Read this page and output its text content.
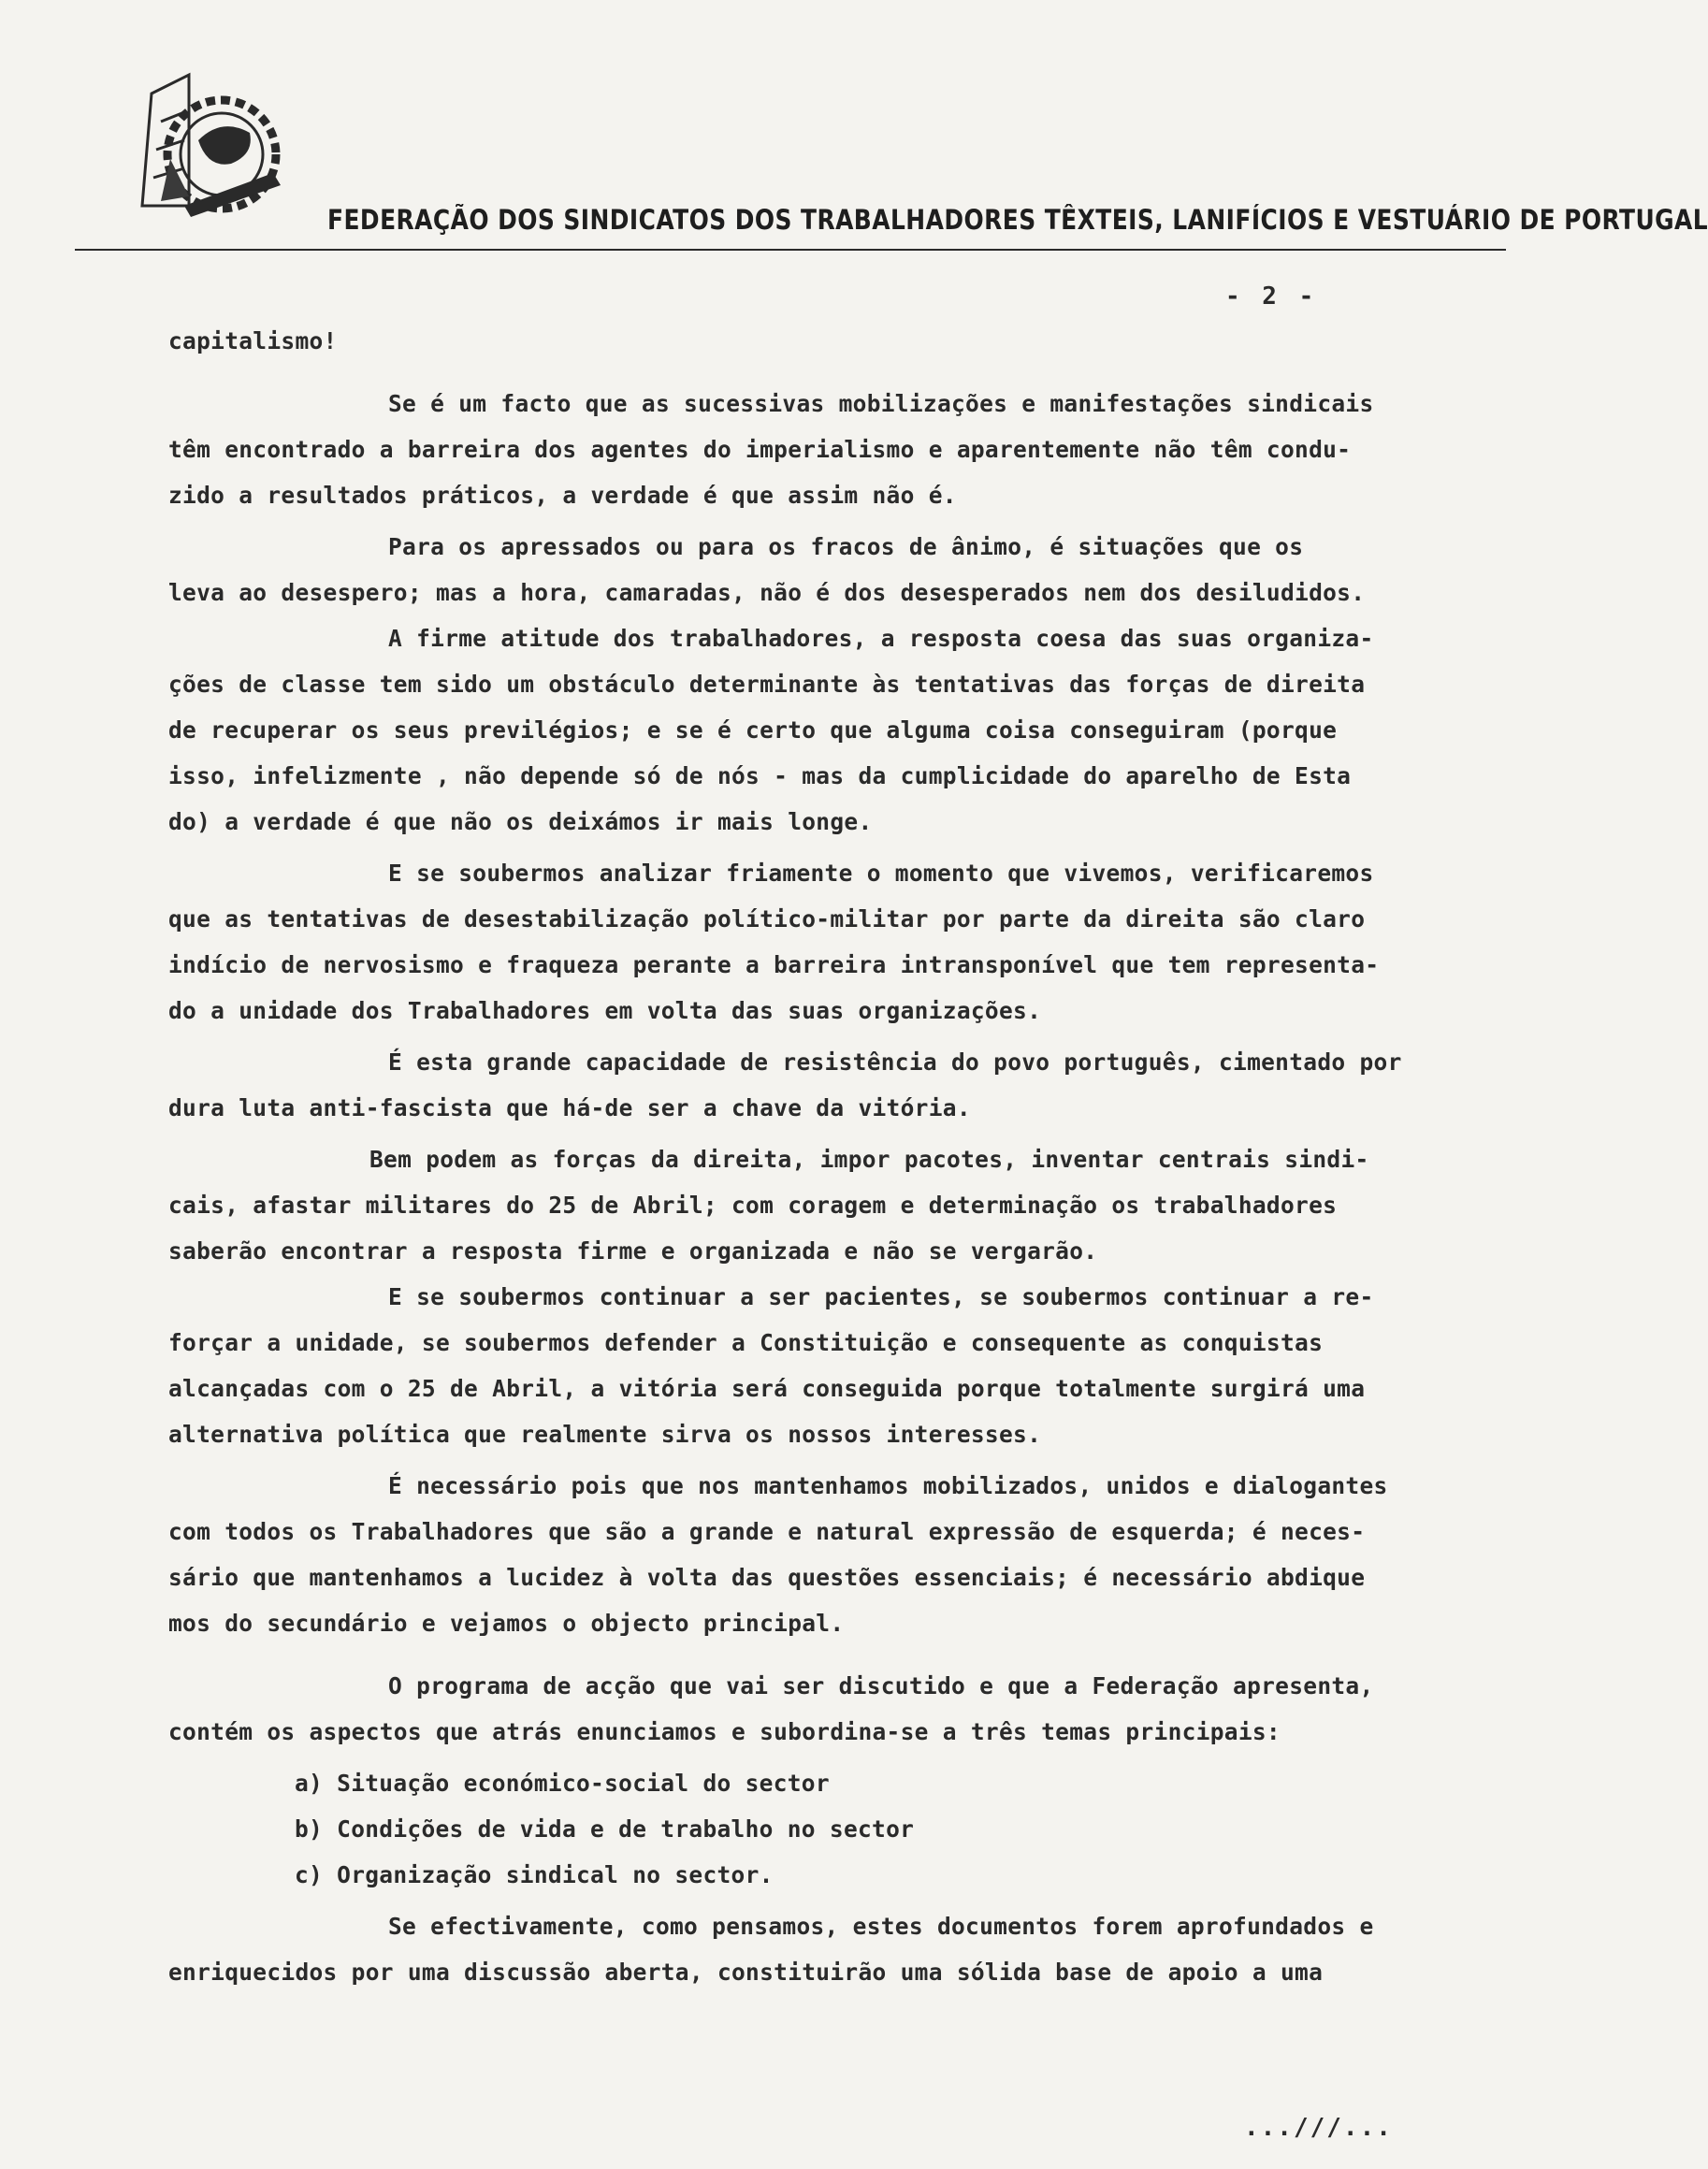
FEDERAÇÃO DOS SINDICATOS DOS TRABALHADORES TÊXTEIS, LANIFÍCIOS E VESTUÁRIO DE PORTUGAL
- 2 -
capitalismo!
Se é um facto que as sucessivas mobilizações e manifestações sindicais
têm encontrado a barreira dos agentes do imperialismo e aparentemente não têm condu-
zido a resultados práticos, a verdade é que assim não é.
Para os apressados ou para os fracos de ânimo, é situações que os
leva ao desespero; mas a hora, camaradas, não é dos desesperados nem dos desiludidos.
A firme atitude dos trabalhadores, a resposta coesa das suas organiza-
ções de classe tem sido um obstáculo determinante às tentativas das forças de direita
de recuperar os seus previlégios; e se é certo que alguma coisa conseguiram (porque
isso, infelizmente , não depende só de nós - mas da cumplicidade do aparelho de Esta
do) a verdade é que não os deixámos ir mais longe.
E se soubermos analizar friamente o momento que vivemos, verificaremos
que as tentativas de desestabilização político-militar por parte da direita são claro
indício de nervosismo e fraqueza perante a barreira intransponível que tem representa-
do a unidade dos Trabalhadores em volta das suas organizações.
É esta grande capacidade de resistência do povo português, cimentado por
dura luta anti-fascista que há-de ser a chave da vitória.
Bem podem as forças da direita, impor pacotes, inventar centrais sindi-
cais, afastar militares do 25 de Abril; com coragem e determinação os trabalhadores
saberão encontrar a resposta firme e organizada e não se vergarão.
E se soubermos continuar a ser pacientes, se soubermos continuar a re-
forçar a unidade, se soubermos defender a Constituição e consequente as conquistas
alcançadas com o 25 de Abril, a vitória será conseguida porque totalmente surgirá uma
alternativa política que realmente sirva os nossos interesses.
É necessário pois que nos mantenhamos mobilizados, unidos e dialogantes
com todos os Trabalhadores que são a grande e natural expressão de esquerda; é neces-
sário que mantenhamos a lucidez à volta das questões essenciais; é necessário abdique
mos do secundário e vejamos o objecto principal.
O programa de acção que vai ser discutido e que a Federação apresenta,
contém os aspectos que atrás enunciamos e subordina-se a três temas principais:
a) Situação económico-social do sector
b) Condições de vida e de trabalho no sector
c) Organização sindical no sector.
Se efectivamente, como pensamos, estes documentos forem aprofundados e
enriquecidos por uma discussão aberta, constituirão uma sólida base de apoio a uma
...///...
